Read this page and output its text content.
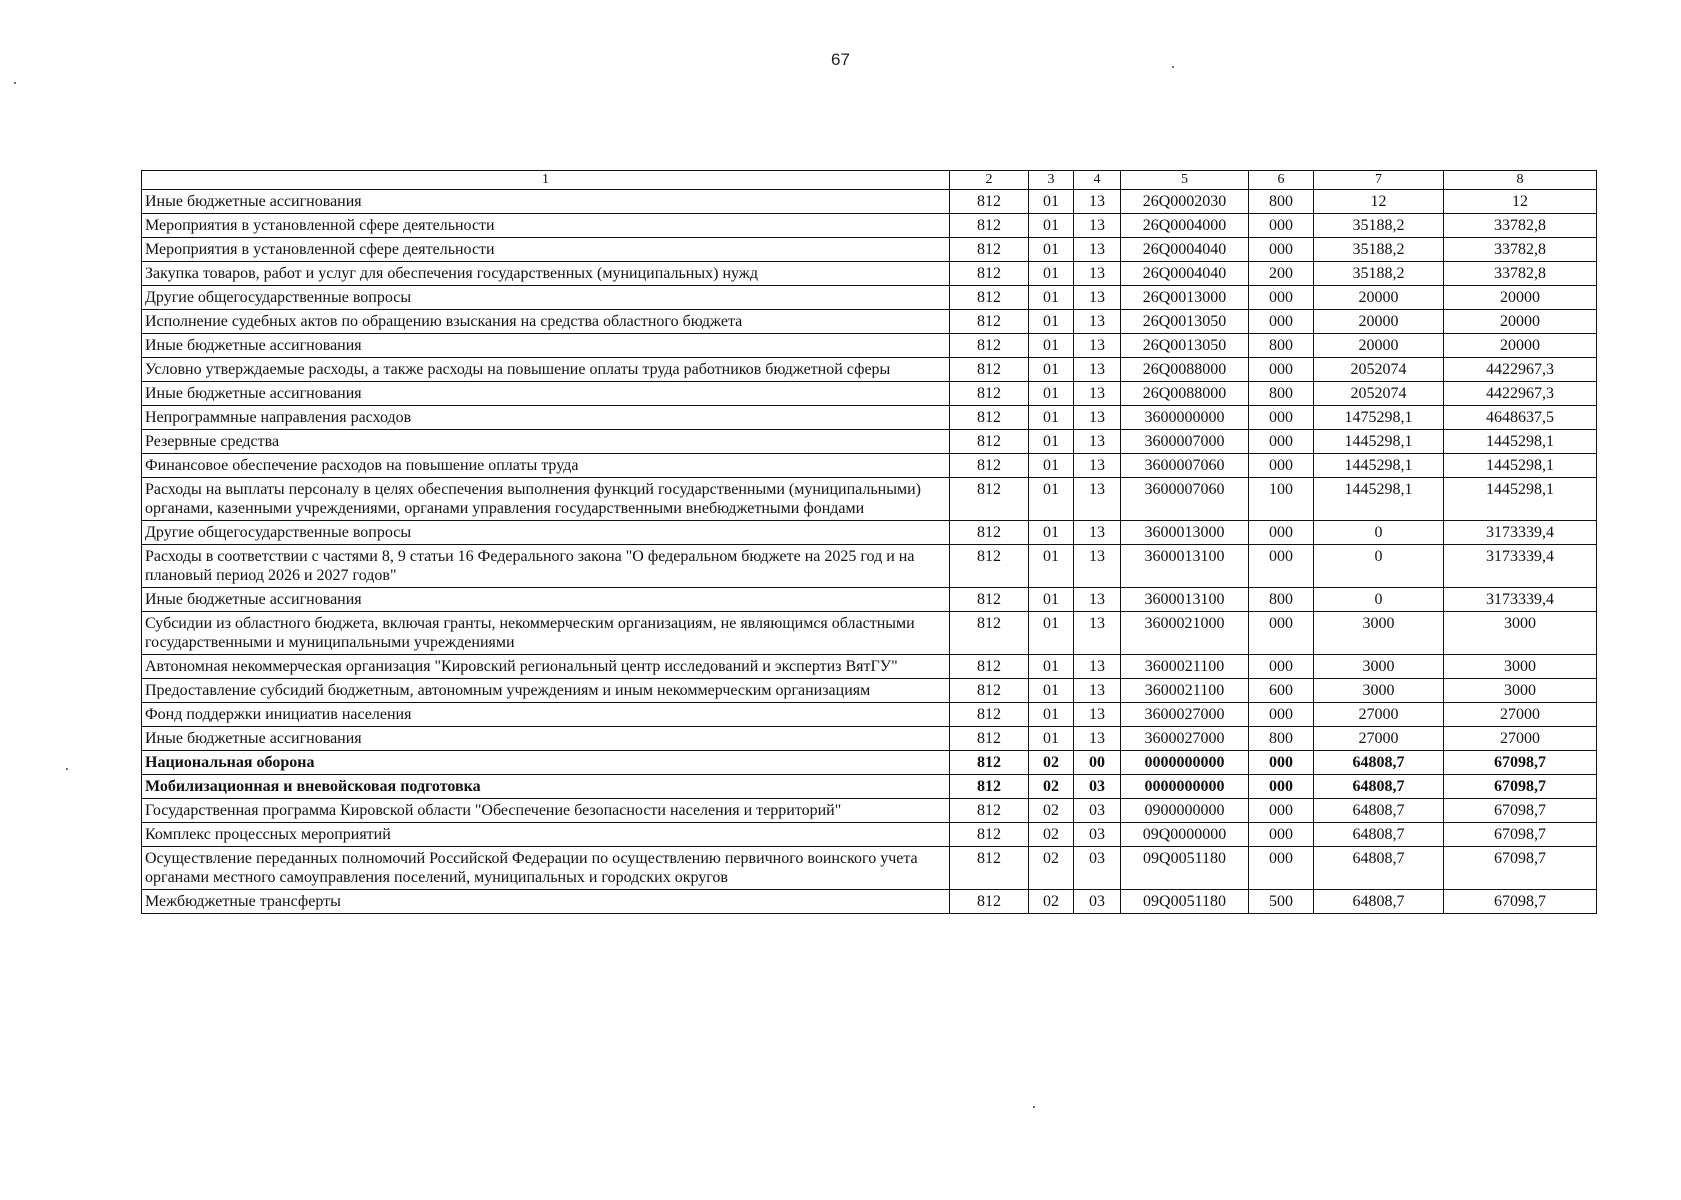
67
1	2	3	4	5	6	7	8
Иные бюджетные ассигнования	812	01	13	26Q0002030	800	12	12
Мероприятия в установленной сфере деятельности	812	01	13	26Q0004000	000	35188,2	33782,8
Мероприятия в установленной сфере деятельности	812	01	13	26Q0004040	000	35188,2	33782,8
Закупка товаров, работ и услуг для обеспечения государственных (муниципальных) нужд	812	01	13	26Q0004040	200	35188,2	33782,8
Другие общегосударственные вопросы	812	01	13	26Q0013000	000	20000	20000
Исполнение судебных актов по обращению взыскания на средства областного бюджета	812	01	13	26Q0013050	000	20000	20000
Иные бюджетные ассигнования	812	01	13	26Q0013050	800	20000	20000
Условно утверждаемые расходы, а также расходы на повышение оплаты труда работников бюджетной сферы	812	01	13	26Q0088000	000	2052074	4422967,3
Иные бюджетные ассигнования	812	01	13	26Q0088000	800	2052074	4422967,3
Непрограммные направления расходов	812	01	13	3600000000	000	1475298,1	4648637,5
Резервные средства	812	01	13	3600007000	000	1445298,1	1445298,1
Финансовое обеспечение расходов на повышение оплаты труда	812	01	13	3600007060	000	1445298,1	1445298,1
Расходы на выплаты персоналу в целях обеспечения выполнения функций государственными (муниципальными) органами, казенными учреждениями, органами управления государственными внебюджетными фондами	812	01	13	3600007060	100	1445298,1	1445298,1
Другие общегосударственные вопросы	812	01	13	3600013000	000	0	3173339,4
Расходы в соответствии с частями 8, 9 статьи 16 Федерального закона "О федеральном бюджете на 2025 год и на плановый период 2026 и 2027 годов"	812	01	13	3600013100	000	0	3173339,4
Иные бюджетные ассигнования	812	01	13	3600013100	800	0	3173339,4
Субсидии из областного бюджета, включая гранты, некоммерческим организациям, не являющимся областными государственными и муниципальными учреждениями	812	01	13	3600021000	000	3000	3000
Автономная некоммерческая организация "Кировский региональный центр исследований и экспертиз ВятГУ"	812	01	13	3600021100	000	3000	3000
Предоставление субсидий бюджетным, автономным учреждениям и иным некоммерческим организациям	812	01	13	3600021100	600	3000	3000
Фонд поддержки инициатив населения	812	01	13	3600027000	000	27000	27000
Иные бюджетные ассигнования	812	01	13	3600027000	800	27000	27000
Национальная оборона	812	02	00	0000000000	000	64808,7	67098,7
Мобилизационная и вневойсковая подготовка	812	02	03	0000000000	000	64808,7	67098,7
Государственная программа Кировской области "Обеспечение безопасности населения и территорий"	812	02	03	0900000000	000	64808,7	67098,7
Комплекс процессных мероприятий	812	02	03	09Q0000000	000	64808,7	67098,7
Осуществление переданных полномочий Российской Федерации по осуществлению первичного воинского учета органами местного самоуправления поселений, муниципальных и городских округов	812	02	03	09Q0051180	000	64808,7	67098,7
Межбюджетные трансферты	812	02	03	09Q0051180	500	64808,7	67098,7
